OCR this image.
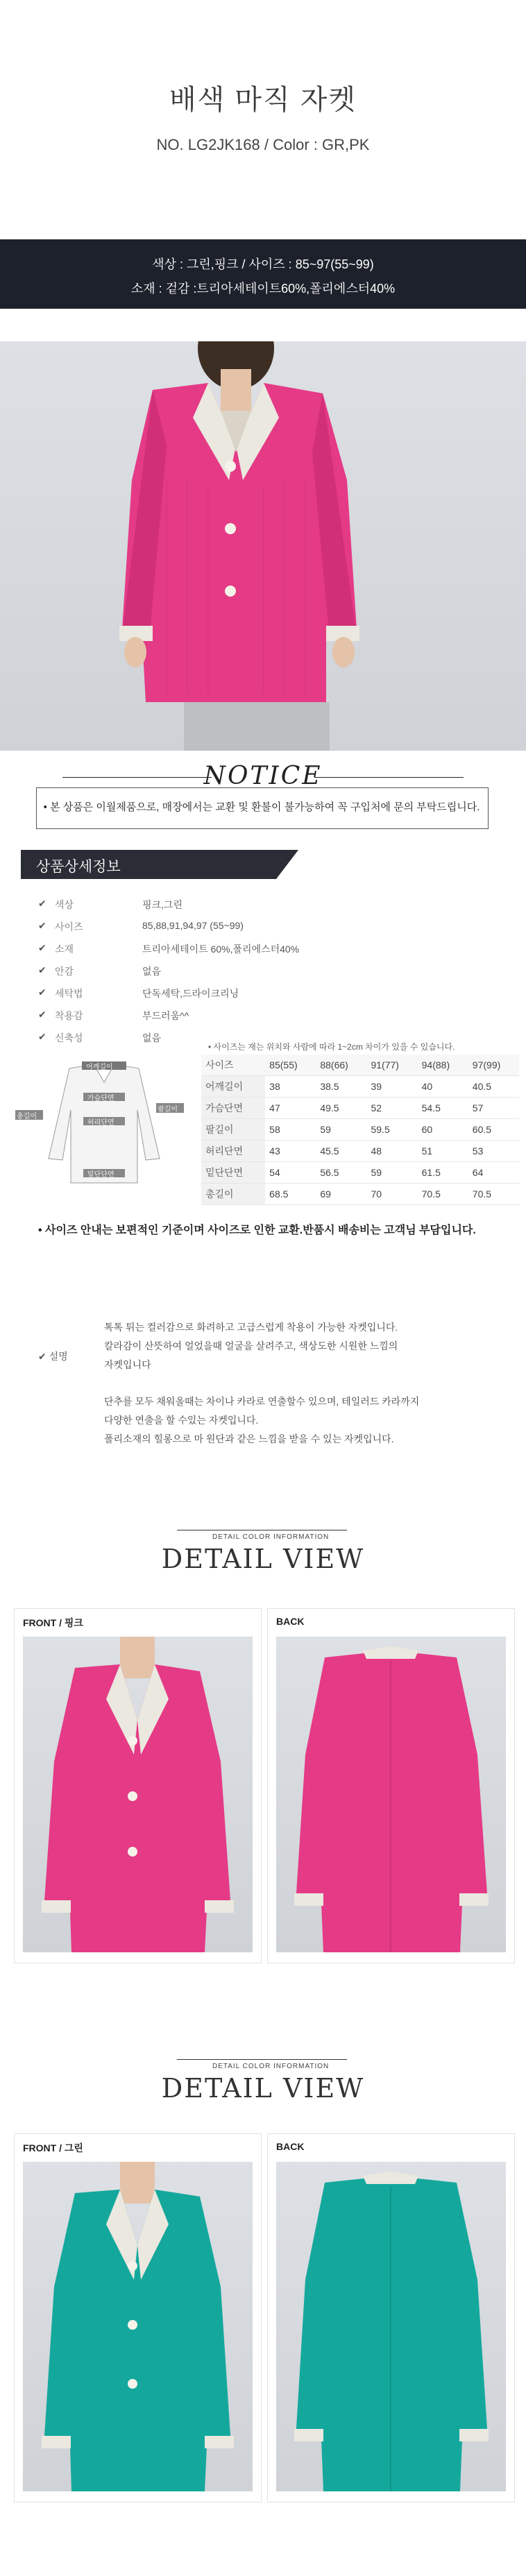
배색 마직 자켓
NO. LG2JK168 / Color : GR,PK
색상 : 그린,핑크 / 사이즈 : 85~97(55~99)
소재 : 겉감 :트리아세테이트60%,폴리에스터40%
NOTICE
• 본 상품은 이월제품으로, 매장에서는 교환 및 환불이 불가능하여 꼭 구입처에 문의 부탁드립니다.
상품상세정보
✔ 색상	핑크,그린
✔ 사이즈	85,88,91,94,97 (55~99)
✔ 소재	트리아세테이트 60%,폴리에스터40%
✔ 안감	없음
✔ 세탁법	단독세탁,드라이크리닝
✔ 착용감	부드러움^^
✔ 신축성	없음
어깨길이
총길이
팔길이
가슴단면
허리단면
밑단단면
• 사이즈는 재는 위치와 사람에 따라 1~2cm 차이가 있을 수 있습니다.
사이즈	85(55)	88(66)	91(77)	94(88)	97(99)
어깨길이	38	38.5	39	40	40.5
가슴단면	47	49.5	52	54.5	57
팔길이	58	59	59.5	60	60.5
허리단면	43	45.5	48	51	53
밑단단면	54	56.5	59	61.5	64
총길이	68.5	69	70	70.5	70.5
• 사이즈 안내는 보편적인 기준이며 사이즈로 인한 교환.반품시 배송비는 고객님 부담입니다.
✔ 설명
톡톡 튀는 컬러감으로 화려하고 고급스럽게 착용이 가능한 자켓입니다.
칼라감이 산뜻하여 얼었을때 얼굴을 살려주고, 색상도한 시원한 느낌의
자켓입니다
단추를 모두 채워올때는 차이나 카라로 연출할수 있으며, 테일러드 카라까지
다양한 연출을 할 수있는 자켓입니다.
폴리소재의 힐롱으로 마 원단과 같은 느낌을 받을 수 있는 자켓입니다.
DETAIL COLOR INFORMATION
DETAIL VIEW
FRONT / 핑크	BACK
DETAIL COLOR INFORMATION
DETAIL VIEW
FRONT / 그린	BACK
